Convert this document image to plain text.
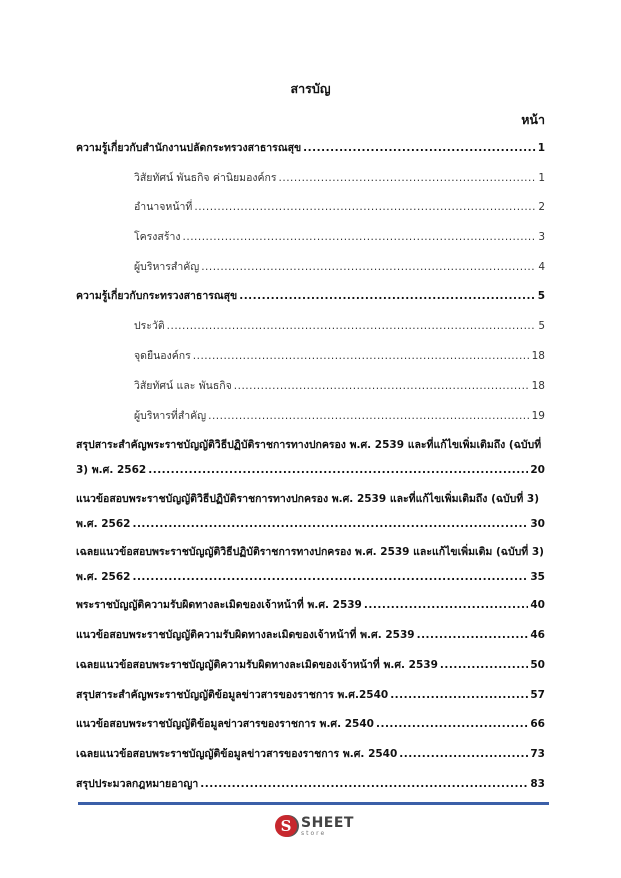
สารบัญ
หน้า
ความรู้เกี่ยวกับสำนักงานปลัดกระทรวงสาธารณสุข .....	1
วิสัยทัศน์ พันธกิจ ค่านิยมองค์กร .....	1
อำนาจหน้าที่ .....	2
โครงสร้าง .....	3
ผู้บริหารสำคัญ .....	4
ความรู้เกี่ยวกับกระทรวงสาธารณสุข .....	5
ประวัติ .....	5
จุดยืนองค์กร .....	18
วิสัยทัศน์ และ พันธกิจ .....	18
ผู้บริหารที่สำคัญ .....	19
สรุปสาระสำคัญพระราชบัญญัติวิธีปฏิบัติราชการทางปกครอง พ.ศ. 2539 และที่แก้ไขเพิ่มเติมถึง (ฉบับที่
3) พ.ศ. 2562 .....	20
แนวข้อสอบพระราชบัญญัติวิธีปฏิบัติราชการทางปกครอง พ.ศ. 2539 และที่แก้ไขเพิ่มเติมถึง (ฉบับที่ 3)
พ.ศ. 2562 .....	30
เฉลยแนวข้อสอบพระราชบัญญัติวิธีปฏิบัติราชการทางปกครอง พ.ศ. 2539 และแก้ไขเพิ่มเติม (ฉบับที่ 3)
พ.ศ. 2562 .....	35
พระราชบัญญัติความรับผิดทางละเมิดของเจ้าหน้าที่ พ.ศ. 2539 .....	40
แนวข้อสอบพระราชบัญญัติความรับผิดทางละเมิดของเจ้าหน้าที่ พ.ศ. 2539 .....	46
เฉลยแนวข้อสอบพระราชบัญญัติความรับผิดทางละเมิดของเจ้าหน้าที่ พ.ศ. 2539 .....	50
สรุปสาระสำคัญพระราชบัญญัติข้อมูลข่าวสารของราชการ พ.ศ.2540 .....	57
แนวข้อสอบพระราชบัญญัติข้อมูลข่าวสารของราชการ พ.ศ. 2540 .....	66
เฉลยแนวข้อสอบพระราชบัญญัติข้อมูลข่าวสารของราชการ พ.ศ. 2540 .....	73
สรุปประมวลกฎหมายอาญา .....	83
S SHEET
store
